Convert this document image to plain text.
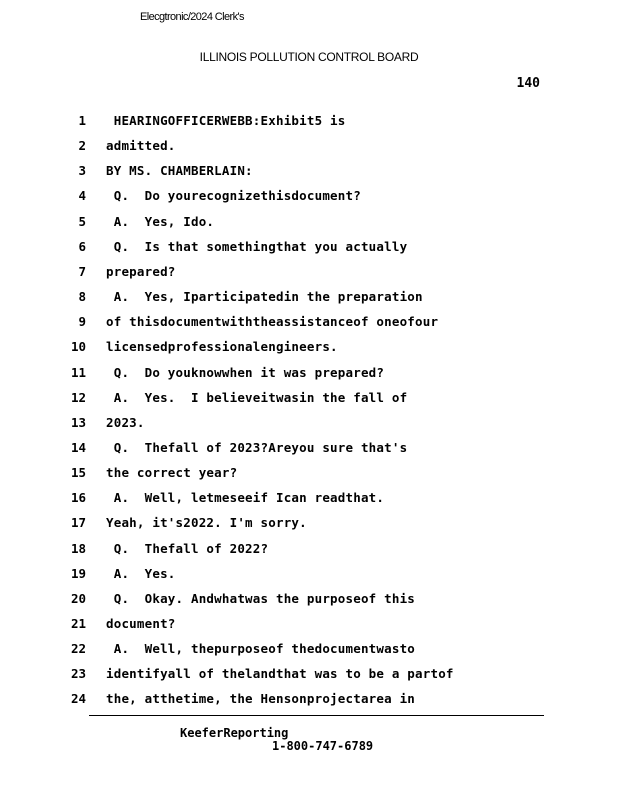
Elecgtronic/2024 Clerk's
ILLINOIS POLLUTION CONTROL BOARD
140
1 HEARINGOFFICERWEBB:Exhibit5 is
2 admitted.
3 BY MS. CHAMBERLAIN:
4 Q.  Do yourecognizethisdocument?
5 A.  Yes, Ido.
6 Q.  Is that somethingthat you actually
7 prepared?
8 A.  Yes, Iparticipatedin the preparation
9 of thisdocumentwiththeassistanceof oneofour
10 licensedprofessionalengineers.
11 Q.  Do youknowwhen it was prepared?
12 A.  Yes.  I believeitwasin the fall of
13 2023.
14 Q.  Thefall of 2023?Areyou sure that's
15 the correct year?
16 A.  Well, letmeseeif Ican readthat.
17 Yeah, it's2022. I'm sorry.
18 Q.  Thefall of 2022?
19 A.  Yes.
20 Q.  Okay. Andwhatwas the purposeof this
21 document?
22 A.  Well, thepurposeof thedocumentwasto
23 identifyall of thelandthat was to be a partof
24 the, atthetime, the Hensonprojectarea in
KeeferReporting
1-800-747-6789
